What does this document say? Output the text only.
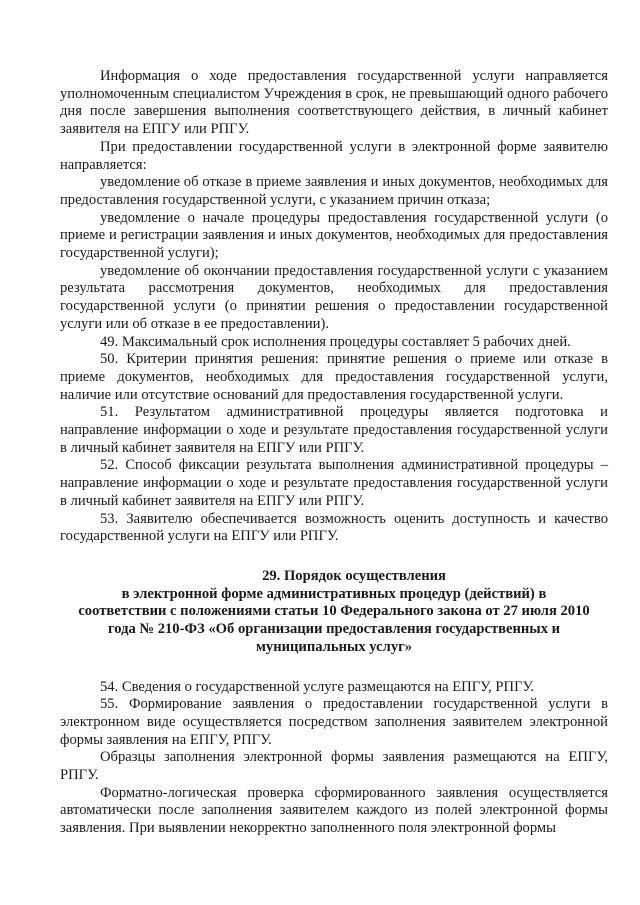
Информация о ходе предоставления государственной услуги направляется уполномоченным специалистом Учреждения в срок, не превышающий одного рабочего дня после завершения выполнения соответствующего действия, в личный кабинет заявителя на ЕПГУ или РПГУ.

При предоставлении государственной услуги в электронной форме заявителю направляется:

уведомление об отказе в приеме заявления и иных документов, необходимых для предоставления государственной услуги, с указанием причин отказа;

уведомление о начале процедуры предоставления государственной услуги (о приеме и регистрации заявления и иных документов, необходимых для предоставления государственной услуги);

уведомление об окончании предоставления государственной услуги с указанием результата рассмотрения документов, необходимых для предоставления государственной услуги (о принятии решения о предоставлении государственной услуги или об отказе в ее предоставлении).

49. Максимальный срок исполнения процедуры составляет 5 рабочих дней.

50. Критерии принятия решения: принятие решения о приеме или отказе в приеме документов, необходимых для предоставления государственной услуги, наличие или отсутствие оснований для предоставления государственной услуги.

51. Результатом административной процедуры является подготовка и направление информации о ходе и результате предоставления государственной услуги в личный кабинет заявителя на ЕПГУ или РПГУ.

52. Способ фиксации результата выполнения административной процедуры – направление информации о ходе и результате предоставления государственной услуги в личный кабинет заявителя на ЕПГУ или РПГУ.

53. Заявителю обеспечивается возможность оценить доступность и качество государственной услуги на ЕПГУ или РПГУ.

29. Порядок осуществления
в электронной форме административных процедур (действий) в
соответствии с положениями статьи 10 Федерального закона от 27 июля 2010
года № 210-ФЗ «Об организации предоставления государственных и
муниципальных услуг»

54. Сведения о государственной услуге размещаются на ЕПГУ, РПГУ.

55. Формирование заявления о предоставлении государственной услуги в электронном виде осуществляется посредством заполнения заявителем электронной формы заявления на ЕПГУ, РПГУ.

Образцы заполнения электронной формы заявления размещаются на ЕПГУ, РПГУ.

Форматно-логическая проверка сформированного заявления осуществляется автоматически после заполнения заявителем каждого из полей электронной формы заявления. При выявлении некорректно заполненного поля электронной формы
